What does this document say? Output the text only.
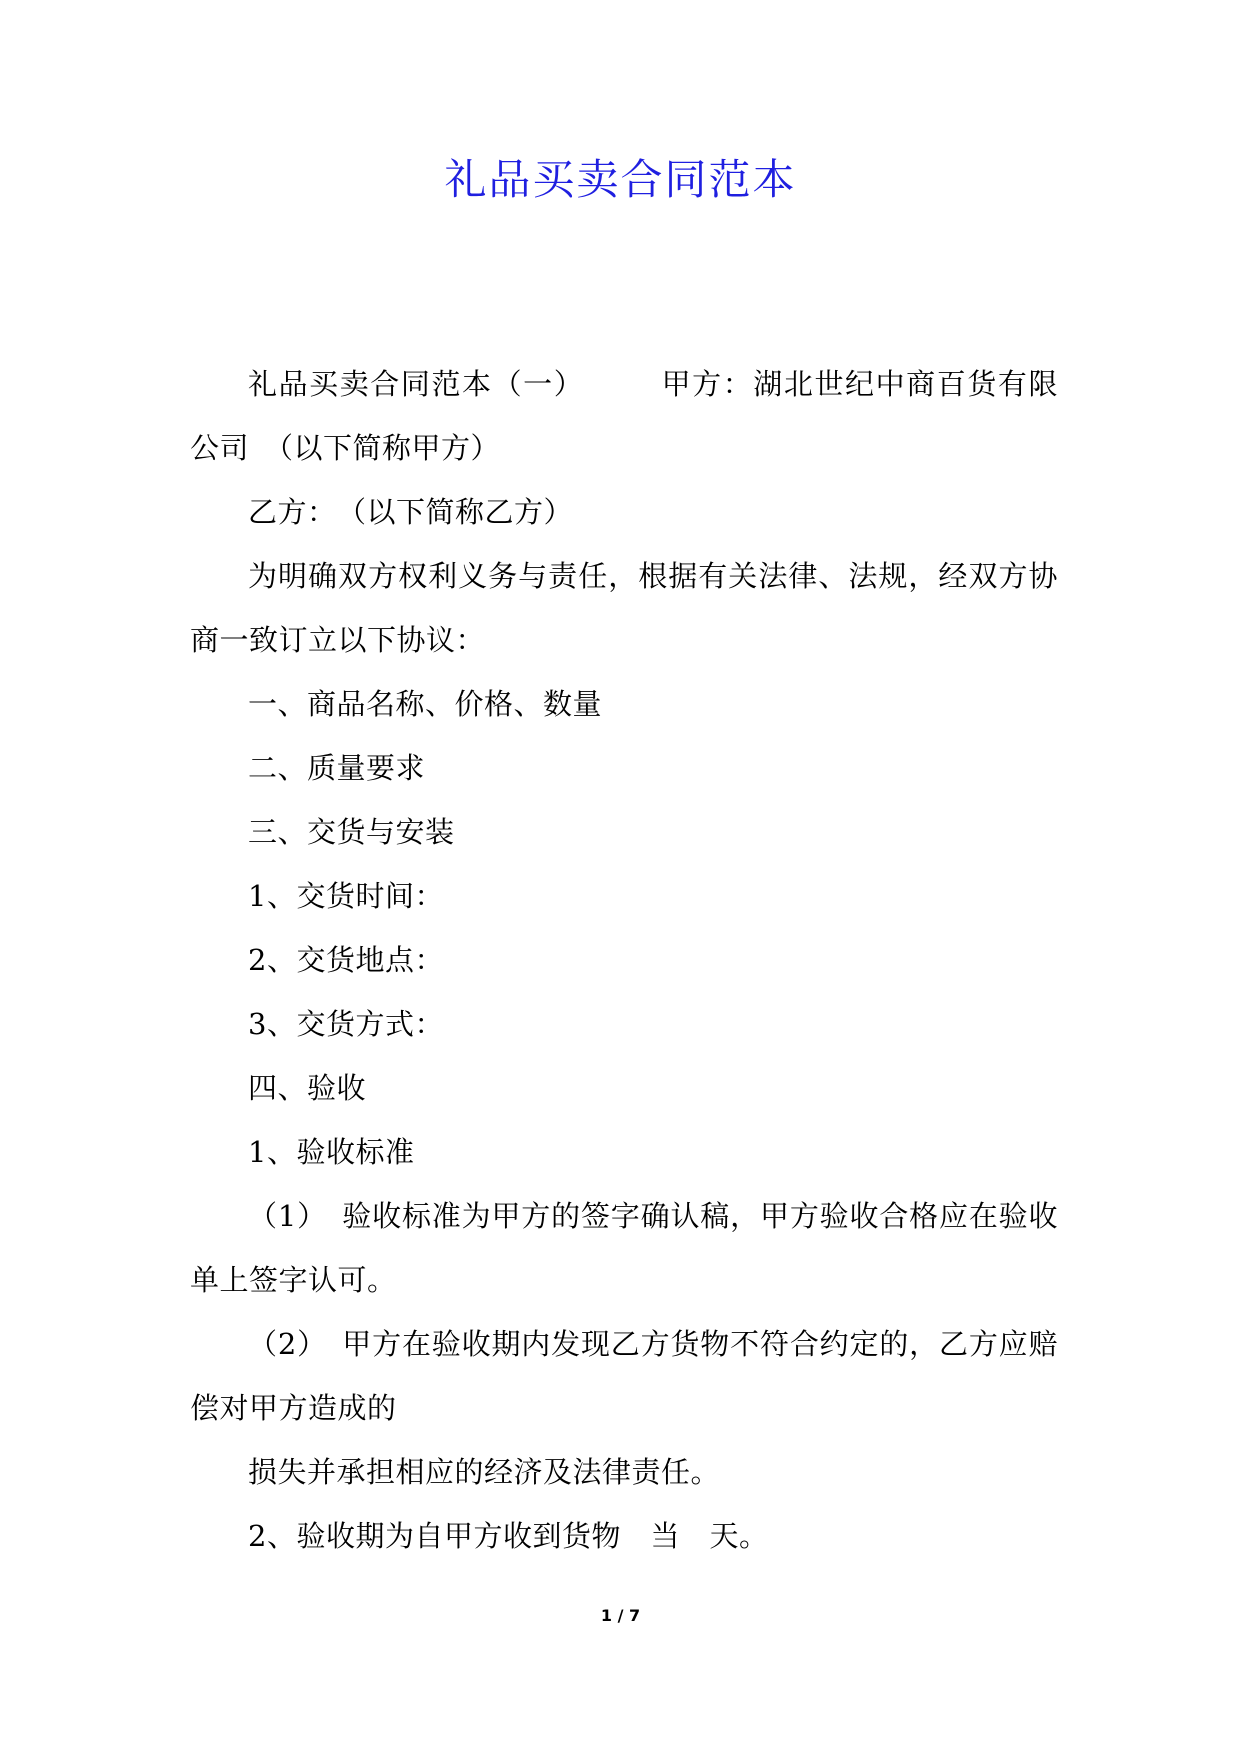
礼品买卖合同范本

礼品买卖合同范本（一）　　　甲方：湖北世纪中商百货有限公司　（以下简称甲方）

乙方：　（以下简称乙方）

为明确双方权利义务与责任，根据有关法律、法规，经双方协商一致订立以下协议：

一、商品名称、价格、数量

二、质量要求

三、交货与安装

1、交货时间：

2、交货地点：

3、交货方式：

四、验收

1、验收标准

（1）　验收标准为甲方的签字确认稿，甲方验收合格应在验收单上签字认可。

（2）　甲方在验收期内发现乙方货物不符合约定的，乙方应赔偿对甲方造成的

损失并承担相应的经济及法律责任。

2、验收期为自甲方收到货物　当　天。

1 / 7
